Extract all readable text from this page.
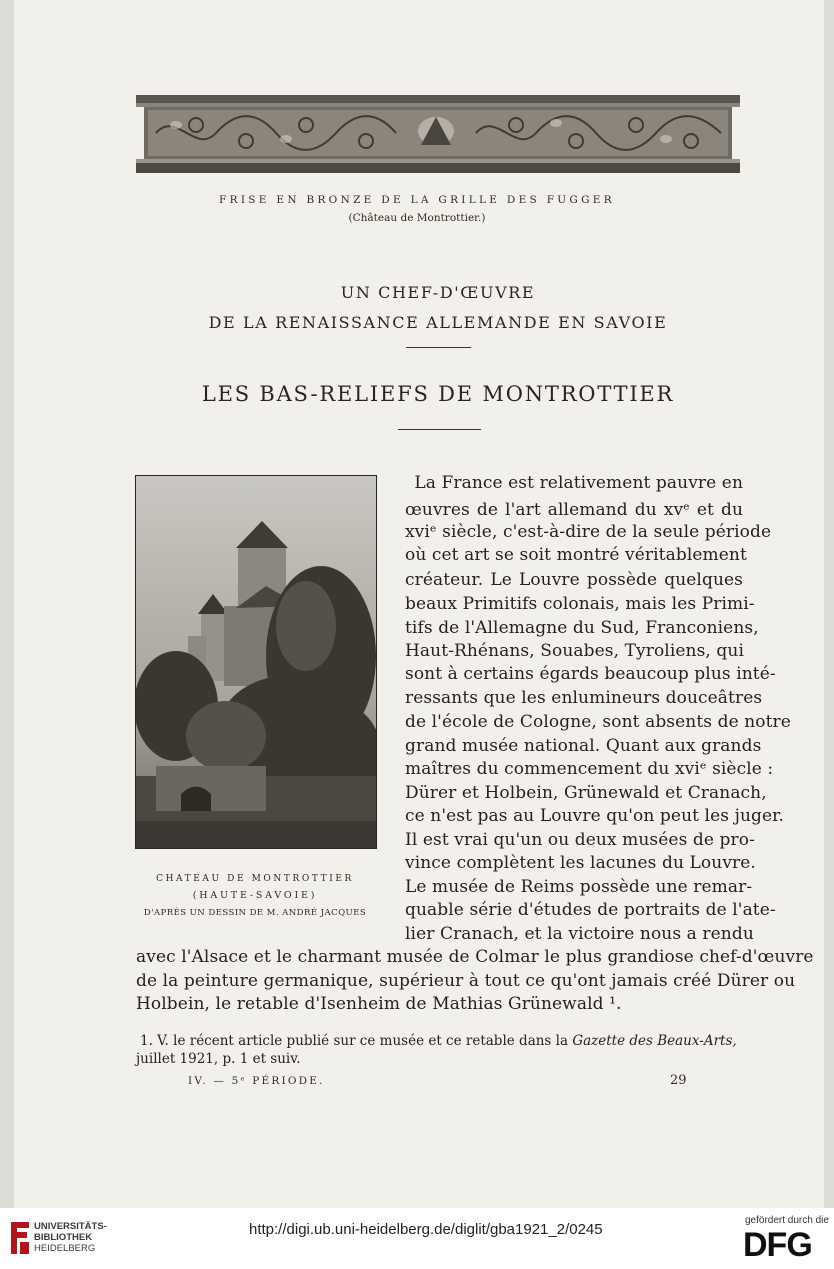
FRISE EN BRONZE DE LA GRILLE DES FUGGER
(Château de Montrottier.)
UN CHEF-D'ŒUVRE
DE LA RENAISSANCE ALLEMANDE EN SAVOIE
LES BAS-RELIEFS DE MONTROTTIER
CHATEAU DE MONTROTTIER
(HAUTE-SAVOIE)
D'APRÈS UN DESSIN DE M. ANDRÉ JACQUES
La France est relativement pauvre en
œuvres de l'art allemand du xvᵉ et du
xviᵉ siècle, c'est-à-dire de la seule période
où cet art se soit montré véritablement
créateur. Le Louvre possède quelques
beaux Primitifs colonais, mais les Primi-
tifs de l'Allemagne du Sud, Franconiens,
Haut-Rhénans, Souabes, Tyroliens, qui
sont à certains égards beaucoup plus inté-
ressants que les enlumineurs douceâtres
de l'école de Cologne, sont absents de notre
grand musée national. Quant aux grands
maîtres du commencement du xviᵉ siècle :
Dürer et Holbein, Grünewald et Cranach,
ce n'est pas au Louvre qu'on peut les juger.
Il est vrai qu'un ou deux musées de pro-
vince complètent les lacunes du Louvre.
Le musée de Reims possède une remar-
quable série d'études de portraits de l'ate-
lier Cranach, et la victoire nous a rendu
avec l'Alsace et le charmant musée de Colmar le plus grandiose chef-d'œuvre
de la peinture germanique, supérieur à tout ce qu'ont jamais créé Dürer ou
Holbein, le retable d'Isenheim de Mathias Grünewald ¹.
1. V. le récent article publié sur ce musée et ce retable dans la Gazette des Beaux-Arts,
juillet 1921, p. 1 et suiv.
IV. — 5ᵉ PÉRIODE.	29
UNIVERSITÄTS-
BIBLIOTHEK
HEIDELBERG
http://digi.ub.uni-heidelberg.de/diglit/gba1921_2/0245
gefördert durch die
DFG
